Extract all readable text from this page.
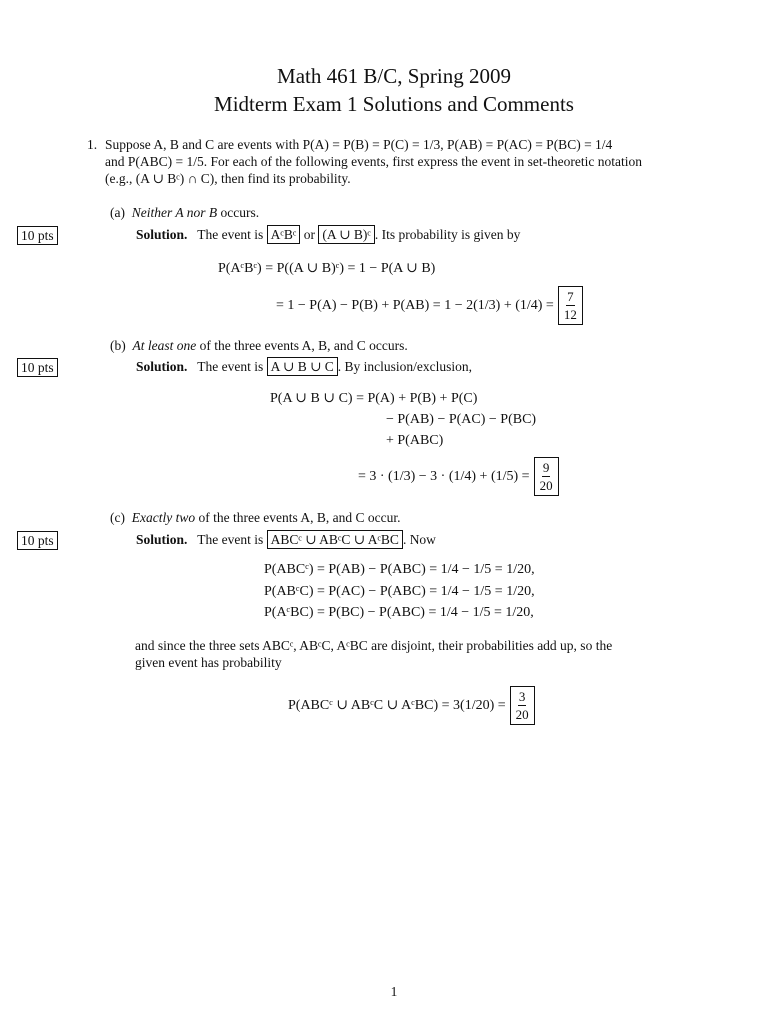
Math 461 B/C, Spring 2009
Midterm Exam 1 Solutions and Comments
1. Suppose A, B and C are events with P(A) = P(B) = P(C) = 1/3, P(AB) = P(AC) = P(BC) = 1/4
and P(ABC) = 1/5. For each of the following events, first express the event in set-theoretic notation
(e.g., (A ∪ Bᶜ) ∩ C), then find its probability.
(a) Neither A nor B occurs.
10 pts	Solution. The event is AᶜBᶜ or (A ∪ B)ᶜ . Its probability is given by
P(AᶜBᶜ) = P((A ∪ B)ᶜ) = 1 − P(A ∪ B)
= $1 - P(A) - P(B) + P(AB) = 1 - 2(1/3) + (1/4) = \frac{7}{12}$
(b) At least one of the three events A, B, and C occurs.
10 pts	Solution. The event is A ∪ B ∪ C . By inclusion/exclusion,
P(A ∪ B ∪ C) = P(A) + P(B) + P(C)
− P(AB) − P(AC) − P(BC)
+ P(ABC)
= $3 \cdot (1/3) - 3 \cdot (1/4) + (1/5) = \frac{9}{20}$
(c) Exactly two of the three events A, B, and C occur.
10 pts	Solution. The event is ABCᶜ ∪ ABᶜC ∪ AᶜBC . Now
P(ABCᶜ) = P(AB) − P(ABC) = 1/4 − 1/5 = 1/20,
P(ABᶜC) = P(AC) − P(ABC) = 1/4 − 1/5 = 1/20,
P(AᶜBC) = P(BC) − P(ABC) = 1/4 − 1/5 = 1/20,
and since the three sets ABCᶜ, ABᶜC, AᶜBC are disjoint, their probabilities add up, so the
given event has probability
P(ABCᶜ ∪ ABᶜC ∪ AᶜBC) = $3(1/20) = \frac{3}{20}$
1
